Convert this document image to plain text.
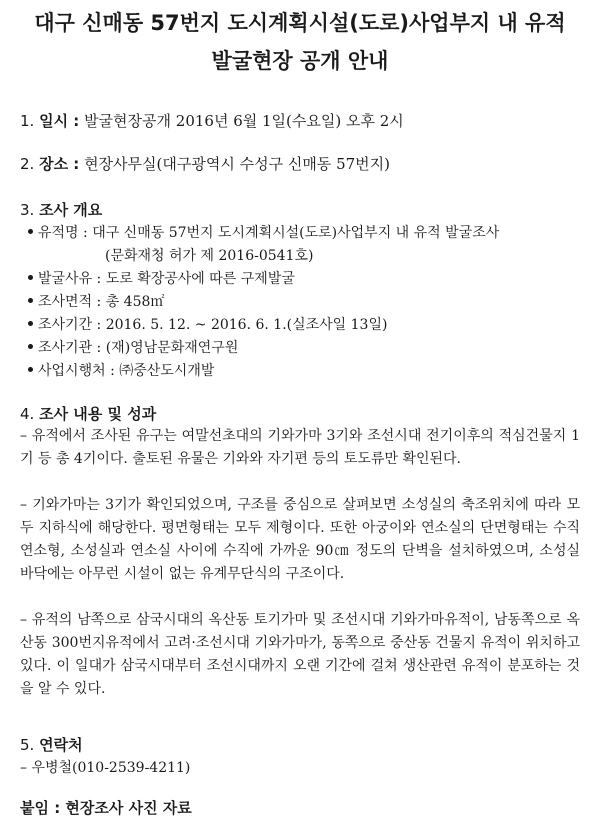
대구 신매동 57번지 도시계획시설(도로)사업부지 내 유적
발굴현장 공개 안내
1. 일시 : 발굴현장공개 2016년 6월 1일(수요일) 오후 2시
2. 장소 : 현장사무실(대구광역시 수성구 신매동 57번지)
3. 조사 개요
유적명 : 대구 신매동 57번지 도시계획시설(도로)사업부지 내 유적 발굴조사
(문화재청 허가 제 2016-0541호)
발굴사유 : 도로 확장공사에 따른 구제발굴
조사면적 : 총 458㎡
조사기간 : 2016. 5. 12. ~ 2016. 6. 1.(실조사일 13일)
조사기관 : (재)영남문화재연구원
사업시행처 : ㈜중산도시개발
4. 조사 내용 및 성과
– 유적에서 조사된 유구는 여말선초대의 기와가마 3기와 조선시대 전기이후의 적심건물지 1기 등 총 4기이다. 출토된 유물은 기와와 자기편 등의 토도류만 확인된다.
– 기와가마는 3기가 확인되었으며, 구조를 중심으로 살펴보면 소성실의 축조위치에 따라 모두 지하식에 해당한다. 평면형태는 모두 제형이다. 또한 아궁이와 연소실의 단면형태는 수직연소형, 소성실과 연소실 사이에 수직에 가까운 90㎝ 정도의 단벽을 설치하였으며, 소성실 바닥에는 아무런 시설이 없는 유계무단식의 구조이다.
– 유적의 남쪽으로 삼국시대의 옥산동 토기가마 및 조선시대 기와가마유적이, 남동쪽으로 옥산동 300번지유적에서 고려·조선시대 기와가마가, 동쪽으로 중산동 건물지 유적이 위치하고 있다. 이 일대가 삼국시대부터 조선시대까지 오랜 기간에 걸쳐 생산관련 유적이 분포하는 것을 알 수 있다.
5. 연락처
– 우병철(010-2539-4211)
붙임 : 현장조사 사진 자료
